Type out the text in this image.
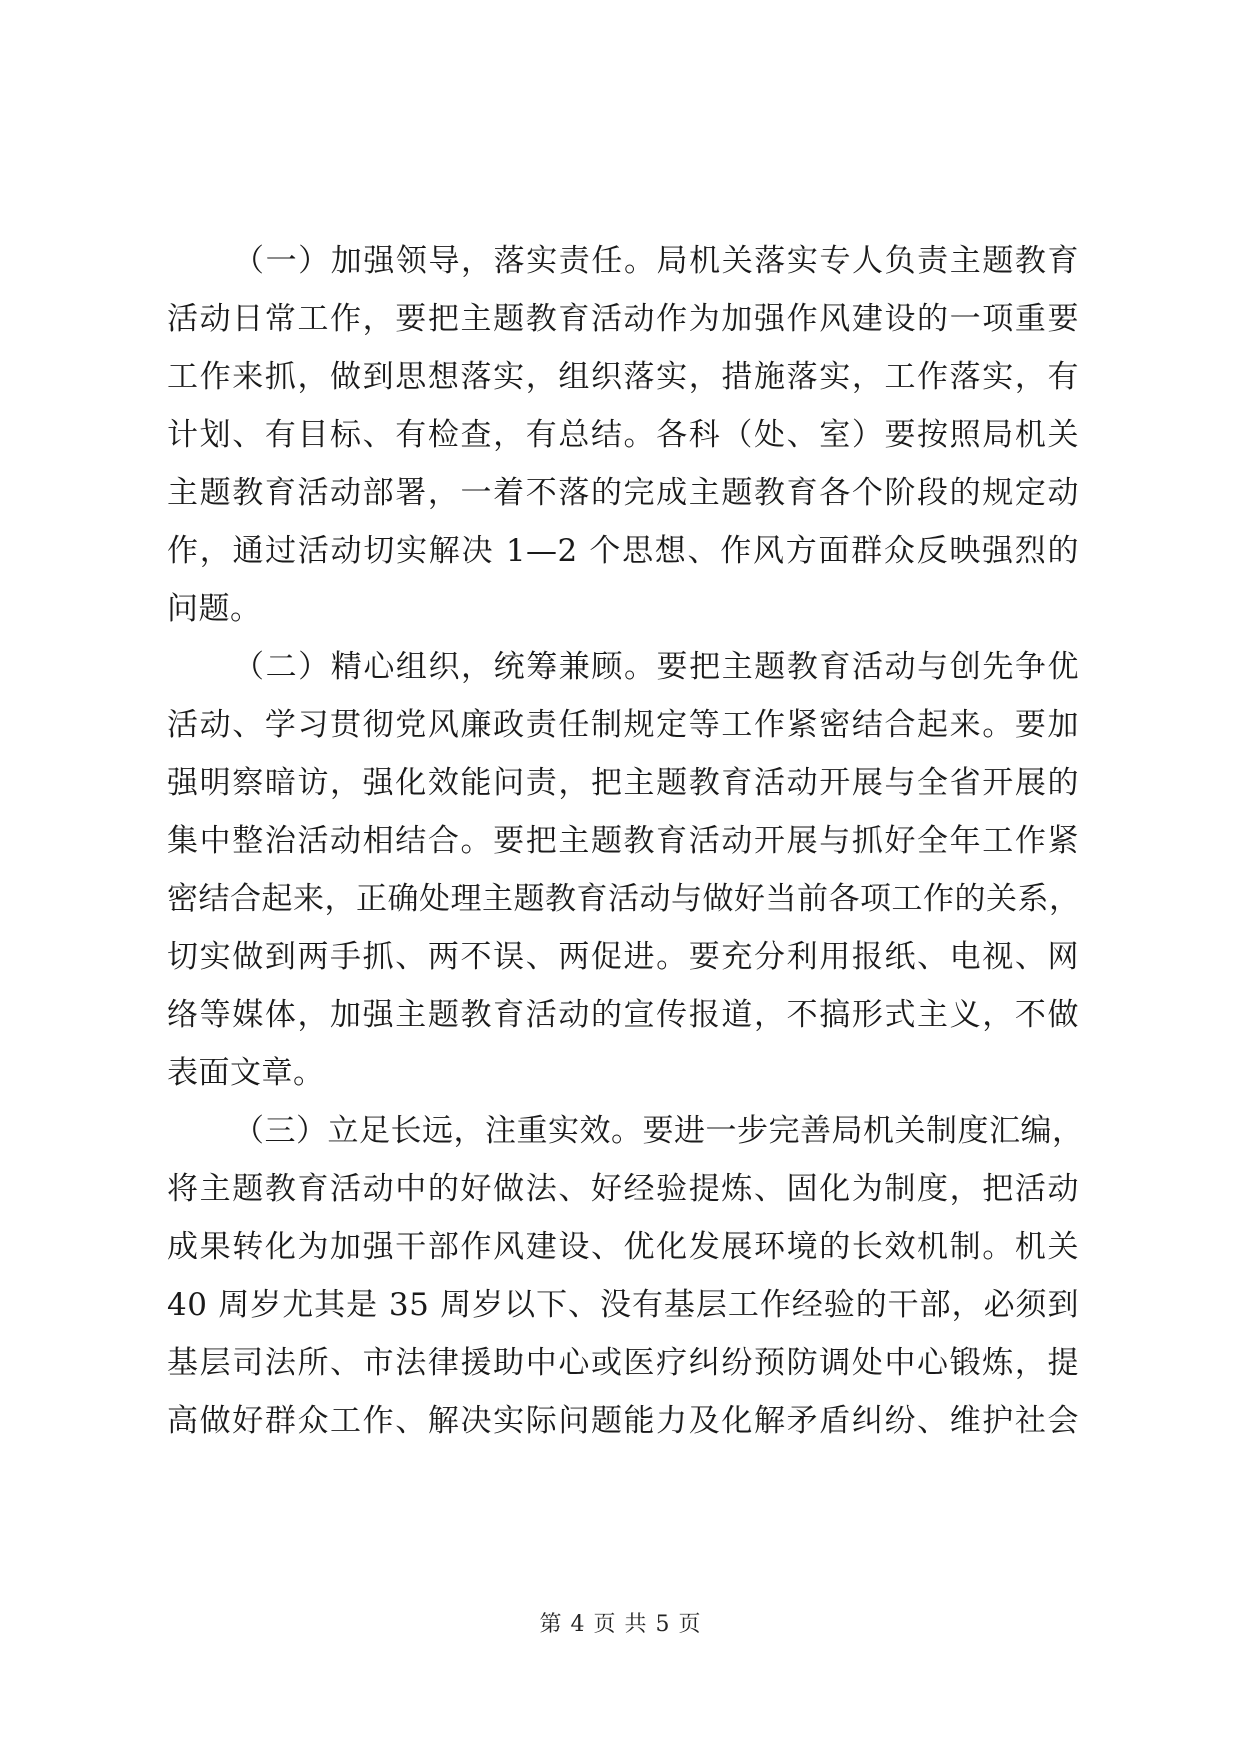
（一）加强领导，落实责任。局机关落实专人负责主题教育
活动日常工作，要把主题教育活动作为加强作风建设的一项重要
工作来抓，做到思想落实，组织落实，措施落实，工作落实，有
计划、有目标、有检查，有总结。各科（处、室）要按照局机关
主题教育活动部署，一着不落的完成主题教育各个阶段的规定动
作，通过活动切实解决 1—2 个思想、作风方面群众反映强烈的
问题。
（二）精心组织，统筹兼顾。要把主题教育活动与创先争优
活动、学习贯彻党风廉政责任制规定等工作紧密结合起来。要加
强明察暗访，强化效能问责，把主题教育活动开展与全省开展的
集中整治活动相结合。要把主题教育活动开展与抓好全年工作紧
密结合起来，正确处理主题教育活动与做好当前各项工作的关系，
切实做到两手抓、两不误、两促进。要充分利用报纸、电视、网
络等媒体，加强主题教育活动的宣传报道，不搞形式主义，不做
表面文章。
（三）立足长远，注重实效。要进一步完善局机关制度汇编，
将主题教育活动中的好做法、好经验提炼、固化为制度，把活动
成果转化为加强干部作风建设、优化发展环境的长效机制。机关
40 周岁尤其是 35 周岁以下、没有基层工作经验的干部，必须到
基层司法所、市法律援助中心或医疗纠纷预防调处中心锻炼，提
高做好群众工作、解决实际问题能力及化解矛盾纠纷、维护社会
第 4 页 共 5 页
